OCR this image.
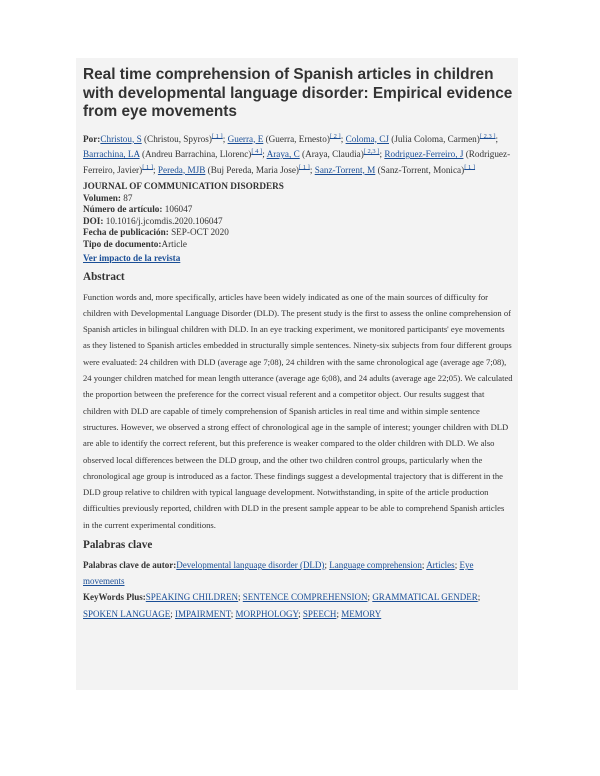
Real time comprehension of Spanish articles in children with developmental language disorder: Empirical evidence from eye movements
Por:Christou, S (Christou, Spyros)[ 1 ]; Guerra, E (Guerra, Ernesto)[ 2 ]; Coloma, CJ (Julia Coloma, Carmen)[ 2,3 ]; Barrachina, LA (Andreu Barrachina, Llorenc)[ 4 ]; Araya, C (Araya, Claudia)[ 2,3 ]; Rodriguez-Ferreiro, J (Rodriguez-Ferreiro, Javier)[ 1 ]; Pereda, MJB (Buj Pereda, Maria Jose)[ 1 ]; Sanz-Torrent, M (Sanz-Torrent, Monica)[ 1 ]

JOURNAL OF COMMUNICATION DISORDERS
Volumen: 87
Número de artículo: 106047
DOI: 10.1016/j.jcomdis.2020.106047
Fecha de publicación: SEP-OCT 2020
Tipo de documento:Article

Ver impacto de la revista
Abstract

Function words and, more specifically, articles have been widely indicated as one of the main sources of difficulty for children with Developmental Language Disorder (DLD). The present study is the first to assess the online comprehension of Spanish articles in bilingual children with DLD. In an eye tracking experiment, we monitored participants' eye movements as they listened to Spanish articles embedded in structurally simple sentences. Ninety-six subjects from four different groups were evaluated: 24 children with DLD (average age 7;08), 24 children with the same chronological age (average age 7;08), 24 younger children matched for mean length utterance (average age 6;08), and 24 adults (average age 22;05). We calculated the proportion between the preference for the correct visual referent and a competitor object. Our results suggest that children with DLD are capable of timely comprehension of Spanish articles in real time and within simple sentence structures. However, we observed a strong effect of chronological age in the sample of interest; younger children with DLD are able to identify the correct referent, but this preference is weaker compared to the older children with DLD. We also observed local differences between the DLD group, and the other two children control groups, particularly when the chronological age group is introduced as a factor. These findings suggest a developmental trajectory that is different in the DLD group relative to children with typical language development. Notwithstanding, in spite of the article production difficulties previously reported, children with DLD in the present sample appear to be able to comprehend Spanish articles in the current experimental conditions.

Palabras clave

Palabras clave de autor:Developmental language disorder (DLD); Language comprehension; Articles; Eye movements
KeyWords Plus:SPEAKING CHILDREN; SENTENCE COMPREHENSION; GRAMMATICAL GENDER; SPOKEN LANGUAGE; IMPAIRMENT; MORPHOLOGY; SPEECH; MEMORY
